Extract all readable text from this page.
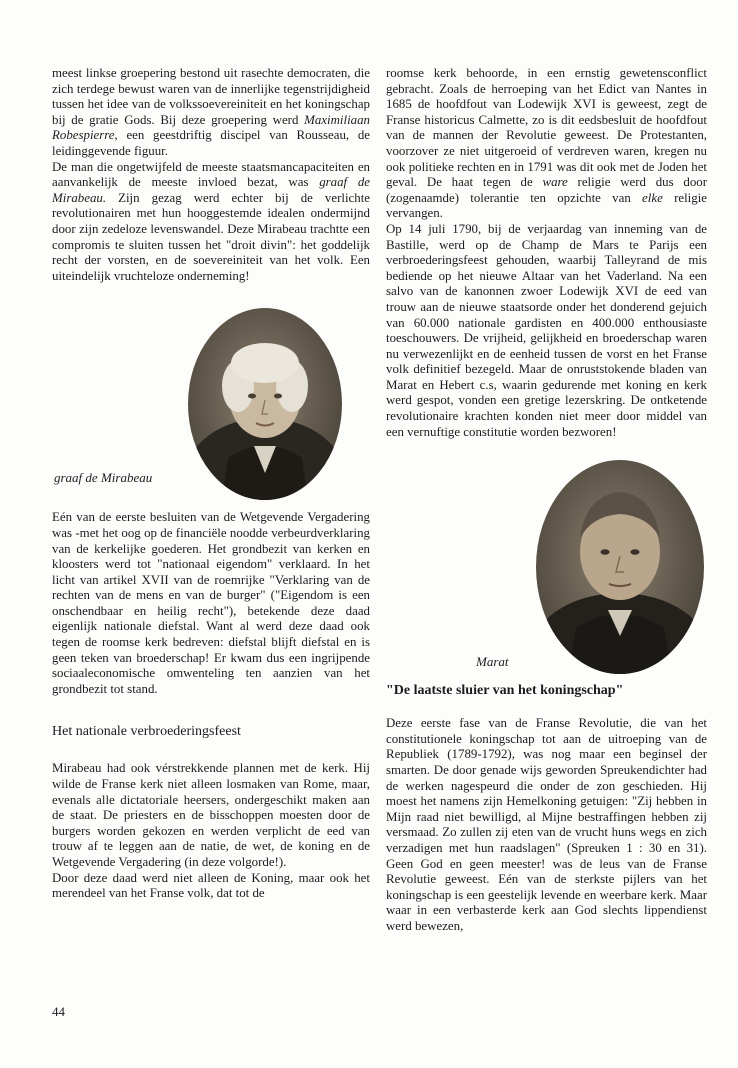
meest linkse groepering bestond uit rasechte democraten, die zich terdege bewust waren van de innerlijke tegenstrijdigheid tussen het idee van de volkssoevereiniteit en het koningschap bij de gratie Gods. Bij deze groepering werd Maximiliaan Robespierre, een geestdriftig discipel van Rousseau, de leidinggevende figuur.

De man die ongetwijfeld de meeste staatsmancapaciteiten en aanvankelijk de meeste invloed bezat, was graaf de Mirabeau. Zijn gezag werd echter bij de verlichte revolutionairen met hun hooggestemde idealen ondermijnd door zijn zedeloze levenswandel. Deze Mirabeau trachtte een compromis te sluiten tussen het "droit divin": het goddelijk recht der vorsten, en de soevereiniteit van het volk. Een uiteindelijk vruchteloze onderneming!

graaf de Mirabeau

Eén van de eerste besluiten van de Wetgevende Vergadering was -met het oog op de financiële noodde verbeurdverklaring van de kerkelijke goederen. Het grondbezit van kerken en kloosters werd tot "nationaal eigendom" verklaard. In het licht van artikel XVII van de roemrijke "Verklaring van de rechten van de mens en van de burger" ("Eigendom is een onschendbaar en heilig recht"), betekende deze daad eigenlijk nationale diefstal. Want al werd deze daad ook tegen de roomse kerk bedreven: diefstal blijft diefstal en is geen teken van broederschap! Er kwam dus een ingrijpende sociaaleconomische omwenteling ten aanzien van het grondbezit tot stand.

Het nationale verbroederingsfeest

Mirabeau had ook vérstrekkende plannen met de kerk. Hij wilde de Franse kerk niet alleen losmaken van Rome, maar, evenals alle dictatoriale heersers, ondergeschikt maken aan de staat. De priesters en de bisschoppen moesten door de burgers worden gekozen en werden verplicht de eed van trouw af te leggen aan de natie, de wet, de koning en de Wetgevende Vergadering (in deze volgorde!).

Door deze daad werd niet alleen de Koning, maar ook het merendeel van het Franse volk, dat tot de

roomse kerk behoorde, in een ernstig gewetensconflict gebracht. Zoals de herroeping van het Edict van Nantes in 1685 de hoofdfout van Lodewijk XVI is geweest, zegt de Franse historicus Calmette, zo is dit eedsbesluit de hoofdfout van de mannen der Revolutie geweest. De Protestanten, voorzover ze niet uitgeroeid of verdreven waren, kregen nu ook politieke rechten en in 1791 was dit ook met de Joden het geval. De haat tegen de ware religie werd dus door (zogenaamde) tolerantie ten opzichte van elke religie vervangen.

Op 14 juli 1790, bij de verjaardag van inneming van de Bastille, werd op de Champ de Mars te Parijs een verbroederingsfeest gehouden, waarbij Talleyrand de mis bediende op het nieuwe Altaar van het Vaderland. Na een salvo van de kanonnen zwoer Lodewijk XVI de eed van trouw aan de nieuwe staatsorde onder het donderend gejuich van 60.000 nationale gardisten en 400.000 enthousiaste toeschouwers. De vrijheid, gelijkheid en broederschap waren nu verwezenlijkt en de eenheid tussen de vorst en het Franse volk definitief bezegeld. Maar de onruststokende bladen van Marat en Hebert c.s, waarin gedurende met koning en kerk werd gespot, vonden een gretige lezerskring. De ontketende revolutionaire krachten konden niet meer door middel van een vernuftige constitutie worden bezworen!

Marat
"De laatste sluier van het koningschap"

Deze eerste fase van de Franse Revolutie, die van het constitutionele koningschap tot aan de uitroeping van de Republiek (1789-1792), was nog maar een beginsel der smarten. De door genade wijs geworden Spreukendichter had de werken nagespeurd die onder de zon geschieden. Hij moest het namens zijn Hemelkoning getuigen: "Zij hebben in Mijn raad niet bewilligd, al Mijne bestraffingen hebben zij versmaad. Zo zullen zij eten van de vrucht huns wegs en zich verzadigen met hun raadslagen" (Spreuken 1 : 30 en 31). Geen God en geen meester! was de leus van de Franse Revolutie geweest. Eén van de sterkste pijlers van het koningschap is een geestelijk levende en weerbare kerk. Maar waar in een verbasterde kerk aan God slechts lippendienst werd bewezen,

44
